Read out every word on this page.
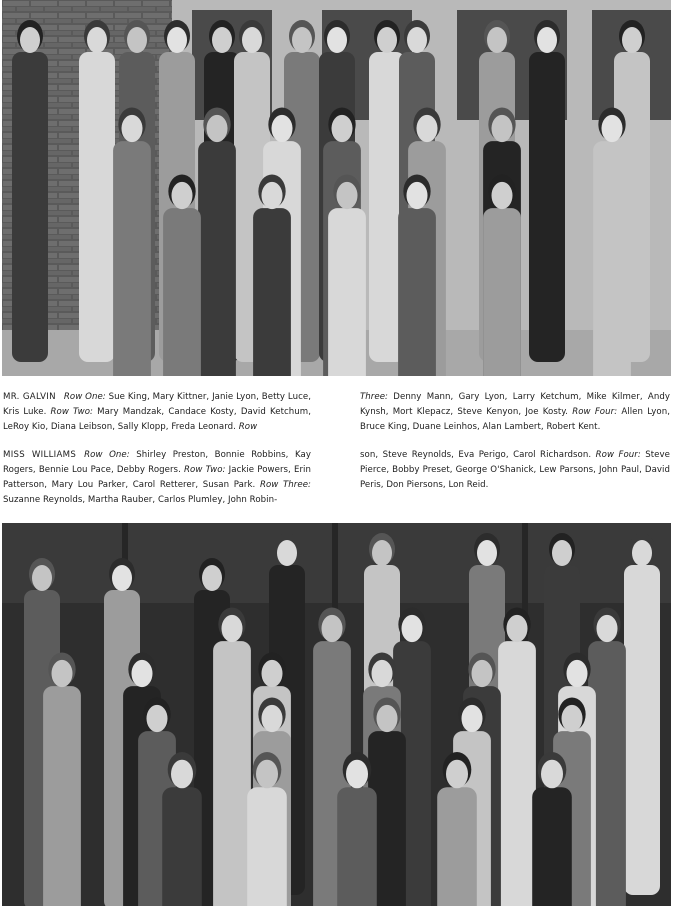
MR. GALVIN Row One: Sue King, Mary Kittner, Janie Lyon, Betty Luce, Kris Luke. Row Two: Mary Mandzak, Candace Kosty, David Ketchum, LeRoy Kio, Diana Leibson, Sally Klopp, Freda Leonard. Row
Three: Denny Mann, Gary Lyon, Larry Ketchum, Mike Kilmer, Andy Kynsh, Mort Klepacz, Steve Kenyon, Joe Kosty. Row Four: Allen Lyon, Bruce King, Duane Leinhos, Alan Lambert, Robert Kent.
MISS WILLIAMS Row One: Shirley Preston, Bonnie Robbins, Kay Rogers, Bennie Lou Pace, Debby Rogers. Row Two: Jackie Powers, Erin Patterson, Mary Lou Parker, Carol Retterer, Susan Park. Row Three: Suzanne Reynolds, Martha Rauber, Carlos Plumley, John Robin-
son, Steve Reynolds, Eva Perigo, Carol Richardson. Row Four: Steve Pierce, Bobby Preset, George O'Shanick, Lew Parsons, John Paul, David Peris, Don Piersons, Lon Reid.
